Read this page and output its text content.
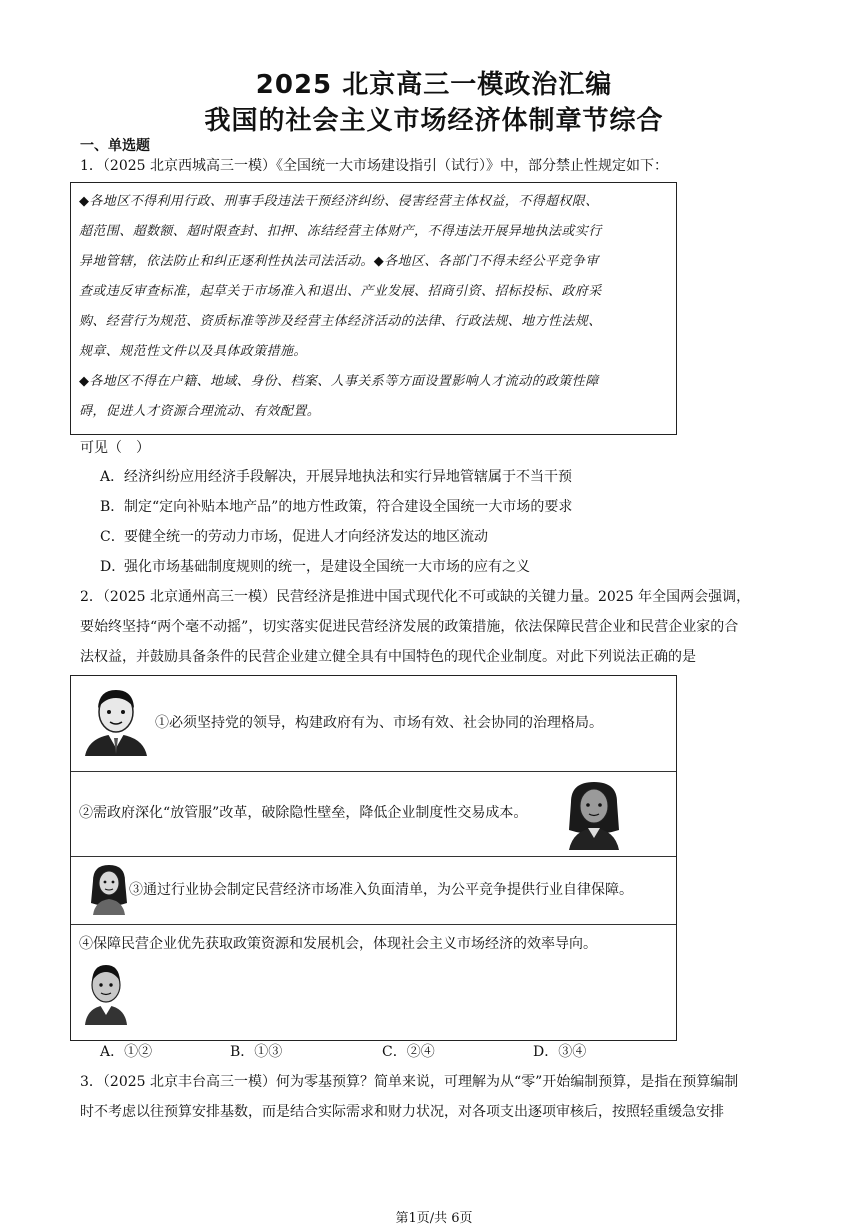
2025 北京高三一模政治汇编
我国的社会主义市场经济体制章节综合
一、单选题
1．（2025 北京西城高三一模）《全国统一大市场建设指引（试行）》中，部分禁止性规定如下：

◆各地区不得利用行政、刑事手段违法干预经济纠纷、侵害经营主体权益，不得超权限、

超范围、超数额、超时限查封、扣押、冻结经营主体财产，不得违法开展异地执法或实行

异地管辖，依法防止和纠正逐利性执法司法活动。◆各地区、各部门不得未经公平竞争审

查或违反审查标准，起草关于市场准入和退出、产业发展、招商引资、招标投标、政府采

购、经营行为规范、资质标准等涉及经营主体经济活动的法律、行政法规、地方性法规、

规章、规范性文件以及具体政策措施。

◆各地区不得在户籍、地域、身份、档案、人事关系等方面设置影响人才流动的政策性障

碍，促进人才资源合理流动、有效配置。

可见（　）
A．经济纠纷应用经济手段解决，开展异地执法和实行异地管辖属于不当干预
B．制定“定向补贴本地产品”的地方性政策，符合建设全国统一大市场的要求
C．要健全统一的劳动力市场，促进人才向经济发达的地区流动
D．强化市场基础制度规则的统一，是建设全国统一大市场的应有之义
2．（2025 北京通州高三一模）民营经济是推进中国式现代化不可或缺的关键力量。2025 年全国两会强调，
要始终坚持“两个毫不动摇”，切实落实促进民营经济发展的政策措施，依法保障民营企业和民营企业家的合
法权益，并鼓励具备条件的民营企业建立健全具有中国特色的现代企业制度。对此下列说法正确的是
①必须坚持党的领导，构建政府有为、市场有效、社会协同的治理格局。
②需政府深化“放管服”改革，破除隐性壁垒，降低企业制度性交易成本。
③通过行业协会制定民营经济市场准入负面清单，为公平竞争提供行业自律保障。
④保障民营企业优先获取政策资源和发展机会，体现社会主义市场经济的效率导向。
A．①②	B．①③	C．②④	D．③④
3．（2025 北京丰台高三一模）何为零基预算？简单来说，可理解为从“零”开始编制预算，是指在预算编制
时不考虑以往预算安排基数，而是结合实际需求和财力状况，对各项支出逐项审核后，按照轻重缓急安排
第1页/共 6页
